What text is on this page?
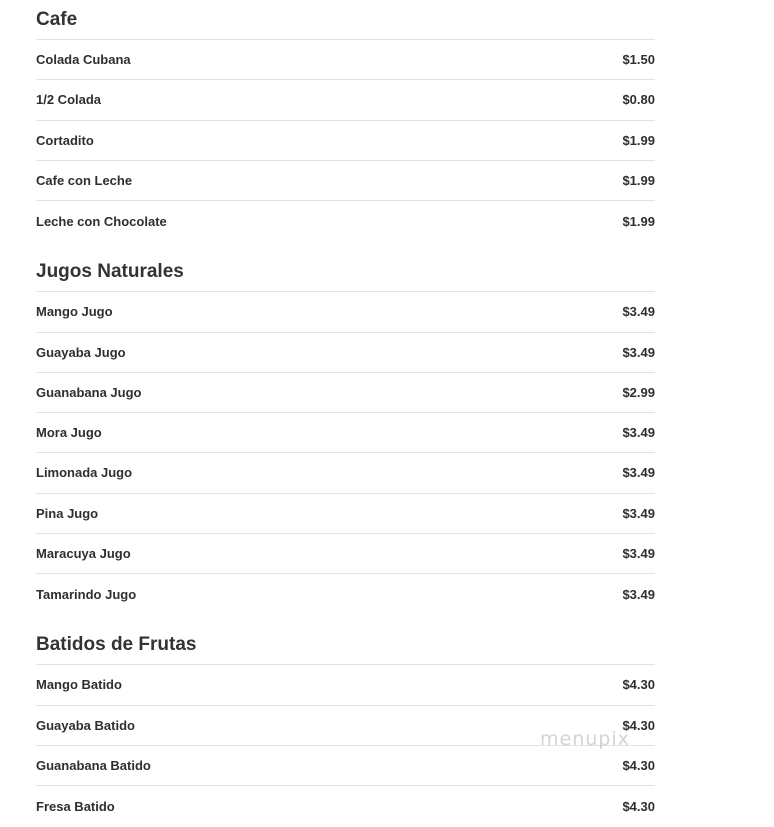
Cafe
Colada Cubana	$1.50
1/2 Colada	$0.80
Cortadito	$1.99
Cafe con Leche	$1.99
Leche con Chocolate	$1.99
Jugos Naturales
Mango Jugo	$3.49
Guayaba Jugo	$3.49
Guanabana Jugo	$2.99
Mora Jugo	$3.49
Limonada Jugo	$3.49
Pina Jugo	$3.49
Maracuya Jugo	$3.49
Tamarindo Jugo	$3.49
Batidos de Frutas
Mango Batido	$4.30
Guayaba Batido	$4.30
Guanabana Batido	$4.30
Fresa Batido	$4.30
menupix
